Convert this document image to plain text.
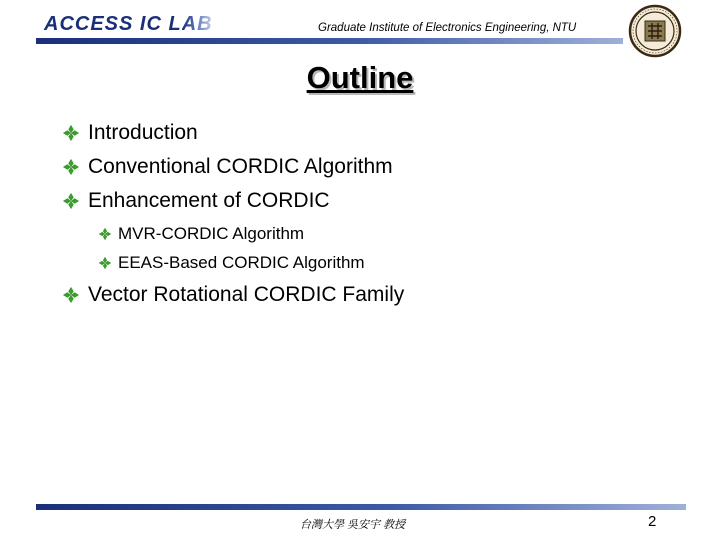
ACCESS IC LAB	Graduate Institute of Electronics Engineering, NTU
Outline
Introduction
Conventional CORDIC Algorithm
Enhancement of CORDIC
MVR-CORDIC Algorithm
EEAS-Based CORDIC Algorithm
Vector Rotational CORDIC Family
台灣大學 吳安宇 教授	2
